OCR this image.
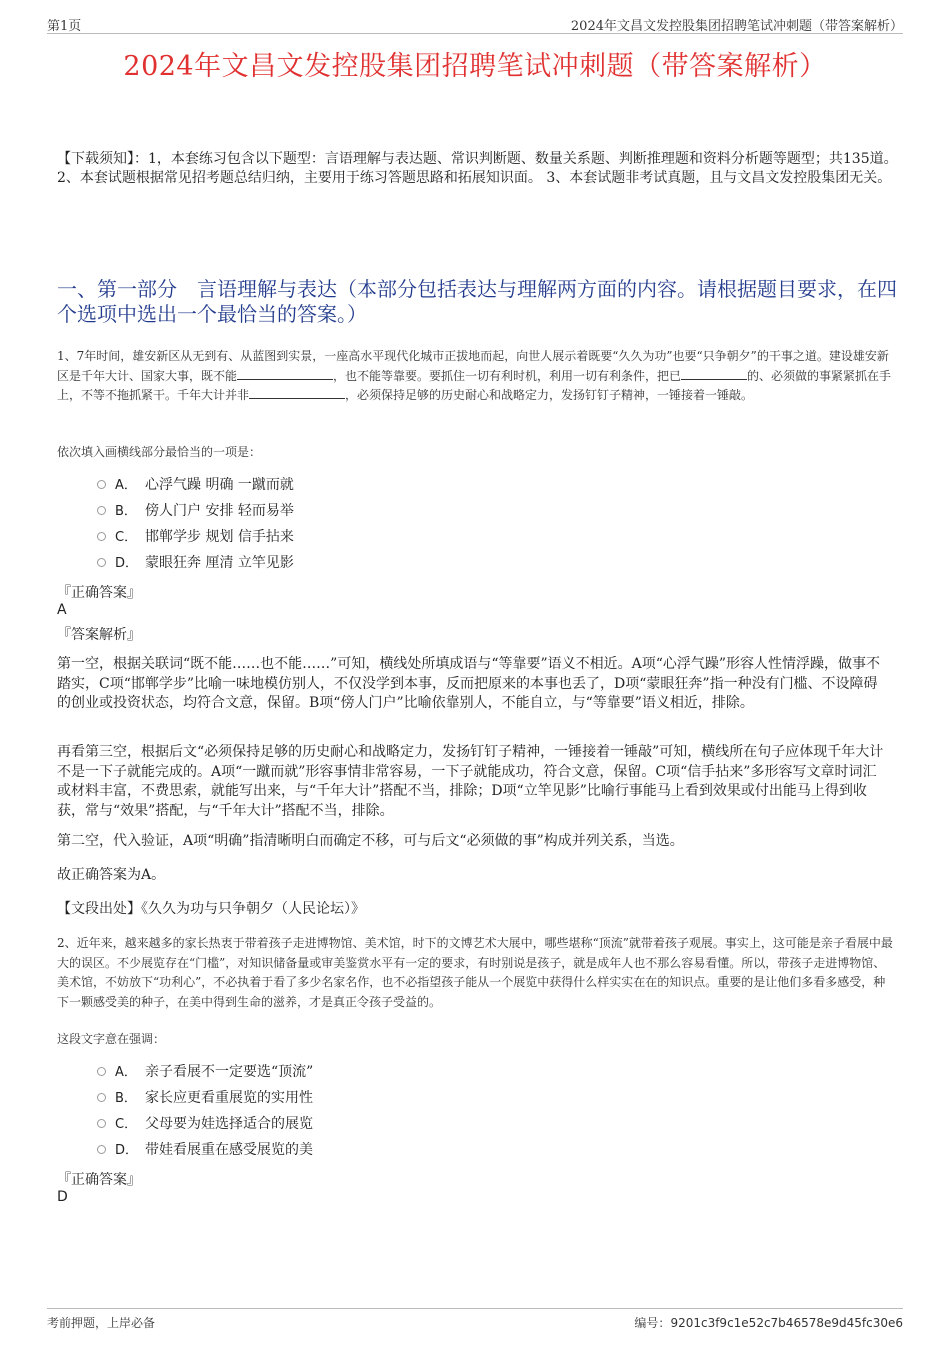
第1页	2024年文昌文发控股集团招聘笔试冲刺题（带答案解析）
2024年文昌文发控股集团招聘笔试冲刺题（带答案解析）
【下载须知】：1，本套练习包含以下题型：言语理解与表达题、常识判断题、数量关系题、判断推理题和资料分析题等题型；共135道。 2、本套试题根据常见招考题总结归纳，主要用于练习答题思路和拓展知识面。 3、本套试题非考试真题，且与文昌文发控股集团无关。
一、第一部分　言语理解与表达（本部分包括表达与理解两方面的内容。请根据题目要求，在四个选项中选出一个最恰当的答案。）
1、7年时间，雄安新区从无到有、从蓝图到实景，一座高水平现代化城市正拔地而起，向世人展示着既要“久久为功”也要“只争朝夕”的干事之道。建设雄安新区是千年大计、国家大事，既不能	，也不能等靠要。要抓住一切有利时机，利用一切有利条件，把已	的、必须做的事紧紧抓在手上，不等不拖抓紧干。千年大计并非	，必须保持足够的历史耐心和战略定力，发扬钉钉子精神，一锤接着一锤敲。
依次填入画横线部分最恰当的一项是：
A． 心浮气躁 明确 一蹴而就
B． 傍人门户 安排 轻而易举
C． 邯郸学步 规划 信手拈来
D． 蒙眼狂奔 厘清 立竿见影
『正确答案』
A
『答案解析』
第一空，根据关联词“既不能……也不能……”可知，横线处所填成语与“等靠要”语义不相近。A项“心浮气躁”形容人性情浮躁，做事不踏实，C项“邯郸学步”比喻一味地模仿别人，不仅没学到本事，反而把原来的本事也丢了，D项“蒙眼狂奔”指一种没有门槛、不设障碍的创业或投资状态，均符合文意，保留。B项“傍人门户”比喻依靠别人，不能自立，与“等靠要”语义相近，排除。
再看第三空，根据后文“必须保持足够的历史耐心和战略定力，发扬钉钉子精神，一锤接着一锤敲”可知，横线所在句子应体现千年大计不是一下子就能完成的。A项“一蹴而就”形容事情非常容易，一下子就能成功，符合文意，保留。C项“信手拈来”多形容写文章时词汇或材料丰富，不费思索，就能写出来，与“千年大计”搭配不当，排除；D项“立竿见影”比喻行事能马上看到效果或付出能马上得到收获，常与“效果”搭配，与“千年大计”搭配不当，排除。
第二空，代入验证，A项“明确”指清晰明白而确定不移，可与后文“必须做的事”构成并列关系，当选。
故正确答案为A。
【文段出处】《久久为功与只争朝夕（人民论坛）》
2、近年来，越来越多的家长热衷于带着孩子走进博物馆、美术馆，时下的文博艺术大展中，哪些堪称“顶流”就带着孩子观展。事实上，这可能是亲子看展中最大的误区。不少展览存在“门槛”，对知识储备量或审美鉴赏水平有一定的要求，有时别说是孩子，就是成年人也不那么容易看懂。所以，带孩子走进博物馆、美术馆，不妨放下“功利心”，不必执着于看了多少名家名作，也不必指望孩子能从一个展览中获得什么样实实在在的知识点。重要的是让他们多看多感受，种下一颗感受美的种子，在美中得到生命的滋养，才是真正令孩子受益的。
这段文字意在强调：
A． 亲子看展不一定要选“顶流”
B． 家长应更看重展览的实用性
C． 父母要为娃选择适合的展览
D． 带娃看展重在感受展览的美
『正确答案』
D
考前押题，上岸必备	编号：9201c3f9c1e52c7b46578e9d45fc30e6
